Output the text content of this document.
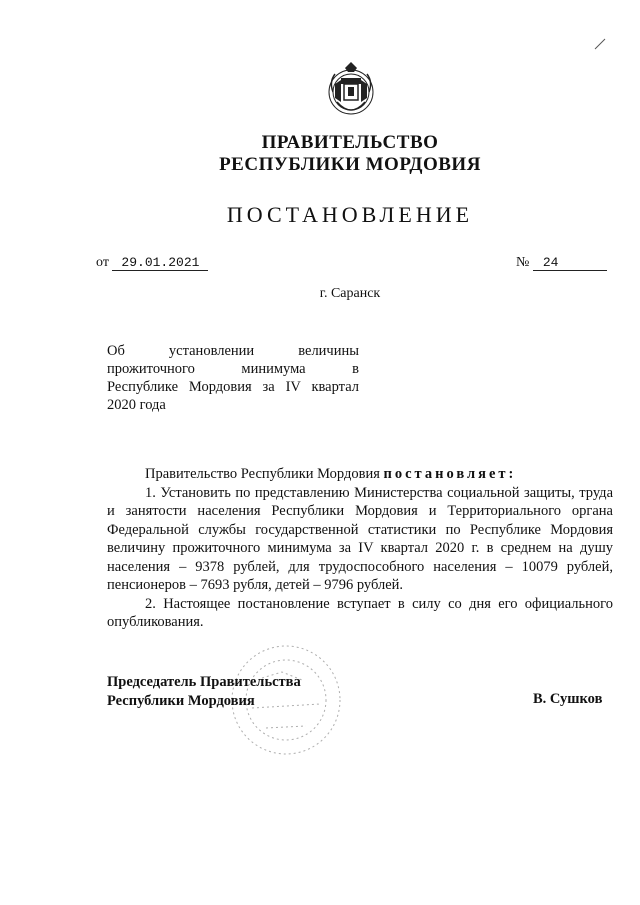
ПРАВИТЕЛЬСТВО
РЕСПУБЛИКИ МОРДОВИЯ
ПОСТАНОВЛЕНИЕ
от 29.01.2021	№ 24
г. Саранск
Об установлении величины
прожиточного минимума в
Республике Мордовия за IV квартал
2020 года

Правительство Республики Мордовия постановляет:

1. Установить по представлению Министерства социальной защиты, труда и занятости населения Республики Мордовия и Территориального органа Федеральной службы государственной статистики по Республике Мордовия величину прожиточного минимума за IV квартал 2020 г. в среднем на душу населения – 9378 рублей, для трудоспособного населения – 10079 рублей, пенсионеров – 7693 рубля, детей – 9796 рублей.

2. Настоящее постановление вступает в силу со дня его официального опубликования.

Председатель Правительства
Республики Мордовия	В. Сушков
